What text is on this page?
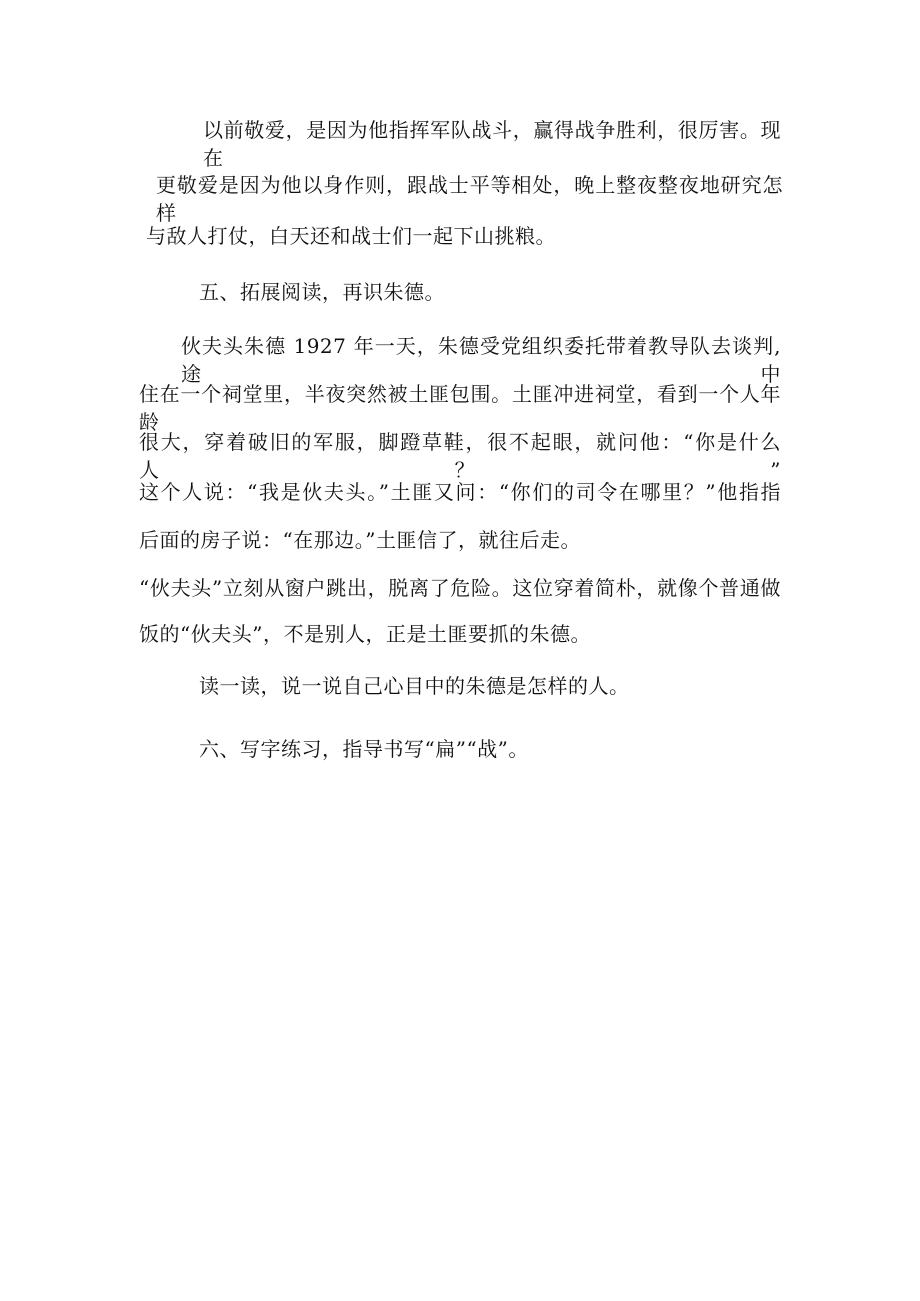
以前敬爱，是因为他指挥军队战斗，赢得战争胜利，很厉害。现在
更敬爱是因为他以身作则，跟战士平等相处，晚上整夜整夜地研究怎样
与敌人打仗，白天还和战士们一起下山挑粮。
五、拓展阅读，再识朱德。
伙夫头朱德 1927 年一天，朱德受党组织委托带着教导队去谈判,途中
住在一个祠堂里，半夜突然被土匪包围。土匪冲进祠堂，看到一个人年龄
很大，穿着破旧的军服，脚蹬草鞋，很不起眼，就问他：“你是什么人？”
这个人说：“我是伙夫头。”土匪又问：“你们的司令在哪里？”他指指
后面的房子说：“在那边。”土匪信了，就往后走。
“伙夫头”立刻从窗户跳出，脱离了危险。这位穿着简朴，就像个普通做
饭的“伙夫头”，不是别人，正是土匪要抓的朱德。
读一读，说一说自己心目中的朱德是怎样的人。
六、写字练习，指导书写“扁”“战”。
